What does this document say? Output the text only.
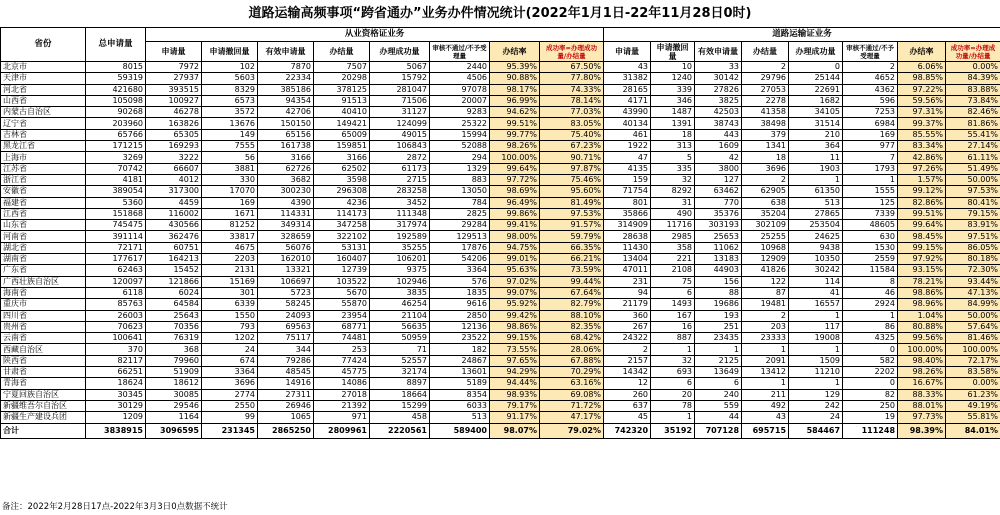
道路运输高频事项“跨省通办”业务办件情况统计(2022年1月1日-22年11月28日0时)
省份	总申请量	从业资格证业务								道路运输证业务							
		申请量	申请撤回量	有效申请量	办结量	办理成功量	审核不通过/不予受理量	办结率	成功率=办理成功量/办结量	申请量	申请撤回量	有效申请量	办结量	办理成功量	审核不通过/不予受理量	办结率	成功率=办理成功量/办结量
北京市	8015	7972	102	7870	7507	5067	2440	95.39%	67.50%	43	10	33	2	0	2	6.06%	0.00%
天津市	59319	27937	5603	22334	20298	15792	4506	90.88%	77.80%	31382	1240	30142	29796	25144	4652	98.85%	84.39%
河北省	421680	393515	8329	385186	378125	281047	97078	98.17%	74.33%	28165	339	27826	27053	22691	4362	97.22%	83.88%
山西省	105098	100927	6573	94354	91513	71506	20007	96.99%	78.14%	4171	346	3825	2278	1682	596	59.56%	73.84%
内蒙古自治区	90268	46278	3572	42706	40410	31127	9283	94.62%	77.03%	43990	1487	42503	41358	34105	7253	97.31%	82.46%
辽宁省	203960	163826	13676	150150	149421	124099	25322	99.51%	83.05%	40134	1391	38743	38498	31514	6984	99.37%	81.86%
吉林省	65766	65305	149	65156	65009	49015	15994	99.77%	75.40%	461	18	443	379	210	169	85.55%	55.41%
黑龙江省	171215	169293	7555	161738	159851	106843	52088	98.26%	67.23%	1922	313	1609	1341	364	977	83.34%	27.14%
上海市	3269	3222	56	3166	3166	2872	294	100.00%	90.71%	47	5	42	18	11	7	42.86%	61.11%
江苏省	70742	66607	3881	62726	62502	61173	1329	99.64%	97.87%	4135	335	3800	3696	1903	1793	97.26%	51.49%
浙江省	4181	4012	330	3682	3598	2715	883	97.72%	75.46%	159	32	127	2	1	1	1.57%	50.00%
安徽省	389054	317300	17070	300230	296308	283258	13050	98.69%	95.60%	71754	8292	63462	62905	61350	1555	99.12%	97.53%
福建省	5360	4459	169	4390	4236	3452	784	96.49%	81.49%	801	31	770	638	513	125	82.86%	80.41%
江西省	151868	116002	1671	114331	114173	111348	2825	99.86%	97.53%	35866	490	35376	35204	27865	7339	99.51%	79.15%
山东省	745475	430566	81252	349314	347258	317974	29284	99.41%	91.57%	314909	11716	303193	302109	253504	48605	99.64%	83.91%
河南省	391114	362476	33817	328659	322102	192589	129513	98.00%	59.79%	28638	2985	25653	25255	24625	630	98.45%	97.51%
湖北省	72171	60751	4675	56076	53131	35255	17876	94.75%	66.35%	11430	358	11062	10968	9438	1530	99.15%	86.05%
湖南省	177617	164213	2203	162010	160407	106201	54206	99.01%	66.21%	13404	221	13183	12909	10350	2559	97.92%	80.18%
广东省	62463	15452	2131	13321	12739	9375	3364	95.63%	73.59%	47011	2108	44903	41826	30242	11584	93.15%	72.30%
广西壮族自治区	120097	121866	15169	106697	103522	102946	576	97.02%	99.44%	231	75	156	122	114	8	78.21%	93.44%
海南省	6118	6024	301	5723	5670	3835	1835	99.07%	67.64%	94	6	88	87	41	46	98.86%	47.13%
重庆市	85763	64584	6339	58245	55870	46254	9616	95.92%	82.79%	21179	1493	19686	19481	16557	2924	98.96%	84.99%
四川省	26003	25643	1550	24093	23954	21104	2850	99.42%	88.10%	360	167	193	2	1	1	1.04%	50.00%
贵州省	70623	70356	793	69563	68771	56635	12136	98.86%	82.35%	267	16	251	203	117	86	80.88%	57.64%
云南省	100641	76319	1202	75117	74481	50959	23522	99.15%	68.42%	24322	887	23435	23333	19008	4325	99.56%	81.46%
西藏自治区	370	368	24	344	253	71	182	73.55%	28.06%	2	1	1	1	1	0	100.00%	100.00%
陕西省	82117	79960	674	79286	77424	52557	24867	97.65%	67.88%	2157	32	2125	2091	1509	582	98.40%	72.17%
甘肃省	66251	51909	3364	48545	45775	32174	13601	94.29%	70.29%	14342	693	13649	13412	11210	2202	98.26%	83.58%
青海省	18624	18612	3696	14916	14086	8897	5189	94.44%	63.16%	12	6	6	1	1	0	16.67%	0.00%
宁夏回族自治区	30345	30085	2774	27311	27018	18664	8354	98.93%	69.08%	260	20	240	211	129	82	88.33%	61.23%
新疆维吾尔自治区	30129	29546	2550	26946	21392	15299	6033	79.17%	71.72%	637	78	559	492	242	250	88.01%	49.19%
新疆生产建设兵团	1209	1164	99	1065	971	458	513	91.17%	47.17%	45	1	44	43	24	19	97.73%	55.81%
合计	3838915	3096595	231345	2865250	2809961	2220561	589400	98.07%	79.02%	742320	35192	707128	695715	584467	111248	98.39%	84.01%
备注：2022年2月28日17点-2022年3月3日0点数据不统计
